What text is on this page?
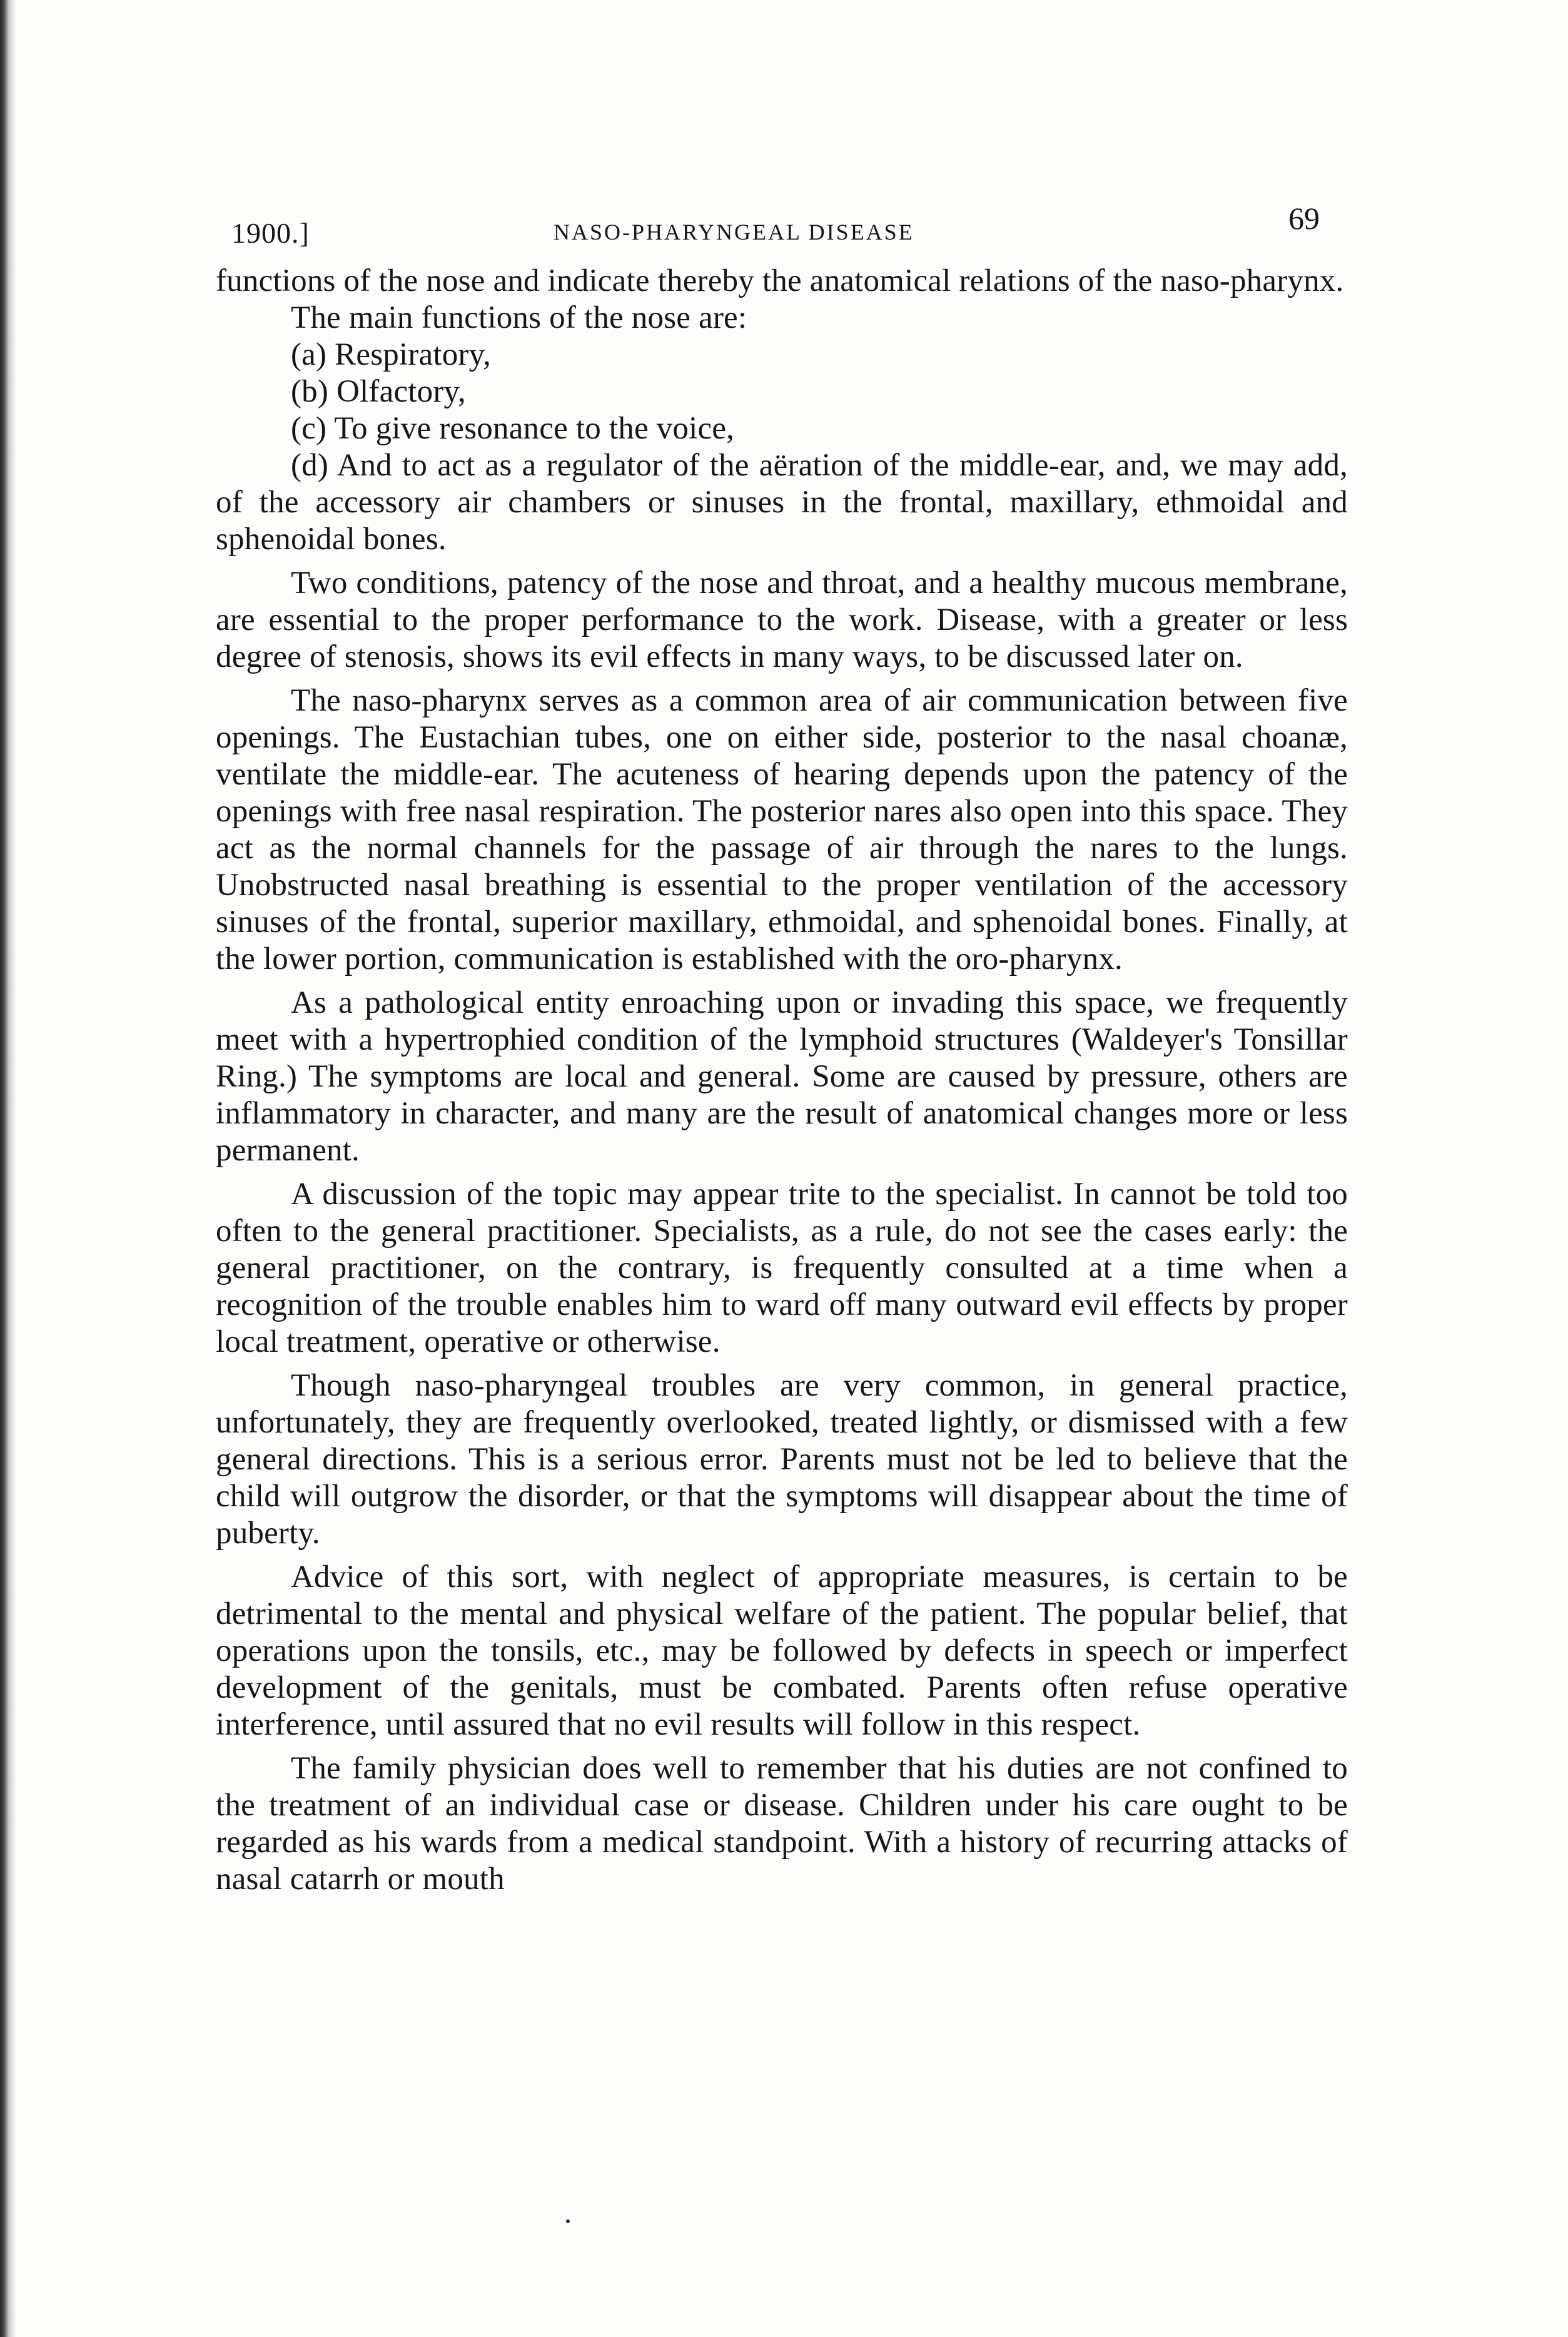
1900.]	NASO-PHARYNGEAL DISEASE	69

functions of the nose and indicate thereby the anatomical relations of the naso-pharynx.

The main functions of the nose are:

(a) Respiratory,

(b) Olfactory,

(c) To give resonance to the voice,

(d) And to act as a regulator of the aëration of the middle-ear, and, we may add, of the accessory air chambers or sinuses in the frontal, maxillary, ethmoidal and sphenoidal bones.

Two conditions, patency of the nose and throat, and a healthy mucous membrane, are essential to the proper performance to the work. Disease, with a greater or less degree of stenosis, shows its evil effects in many ways, to be discussed later on.

The naso-pharynx serves as a common area of air communication between five openings. The Eustachian tubes, one on either side, posterior to the nasal choanæ, ventilate the middle-ear. The acuteness of hearing depends upon the patency of the openings with free nasal respiration. The posterior nares also open into this space. They act as the normal channels for the passage of air through the nares to the lungs. Unobstructed nasal breathing is essential to the proper ventilation of the accessory sinuses of the frontal, superior maxillary, ethmoidal, and sphenoidal bones. Finally, at the lower portion, communication is established with the oro-pharynx.

As a pathological entity enroaching upon or invading this space, we frequently meet with a hypertrophied condition of the lymphoid structures (Waldeyer's Tonsillar Ring.) The symptoms are local and general. Some are caused by pressure, others are inflammatory in character, and many are the result of anatomical changes more or less permanent.

A discussion of the topic may appear trite to the specialist. In cannot be told too often to the general practitioner. Specialists, as a rule, do not see the cases early: the general practitioner, on the contrary, is frequently consulted at a time when a recognition of the trouble enables him to ward off many outward evil effects by proper local treatment, operative or otherwise.

Though naso-pharyngeal troubles are very common, in general practice, unfortunately, they are frequently overlooked, treated lightly, or dismissed with a few general directions. This is a serious error. Parents must not be led to believe that the child will outgrow the disorder, or that the symptoms will disappear about the time of puberty.

Advice of this sort, with neglect of appropriate measures, is certain to be detrimental to the mental and physical welfare of the patient. The popular belief, that operations upon the tonsils, etc., may be followed by defects in speech or imperfect development of the genitals, must be combated. Parents often refuse operative interference, until assured that no evil results will follow in this respect.

The family physician does well to remember that his duties are not confined to the treatment of an individual case or disease. Children under his care ought to be regarded as his wards from a medical standpoint. With a history of recurring attacks of nasal catarrh or mouth
